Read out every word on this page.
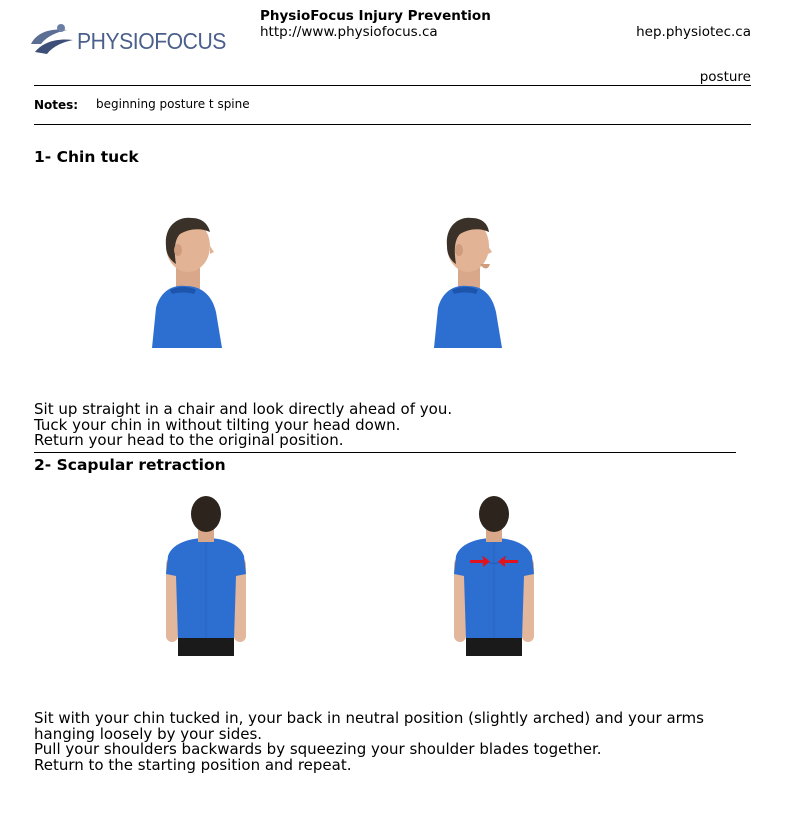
PHYSIOFOCUS
PhysioFocus Injury Prevention
http://www.physiofocus.ca	hep.physiotec.ca
posture
Notes: beginning posture t spine
1- Chin tuck

Sit up straight in a chair and look directly ahead of you.

Tuck your chin in without tilting your head down.

Return your head to the original position.

2- Scapular retraction

Sit with your chin tucked in, your back in neutral position (slightly arched) and your arms

hanging loosely by your sides.

Pull your shoulders backwards by squeezing your shoulder blades together.

Return to the starting position and repeat.
